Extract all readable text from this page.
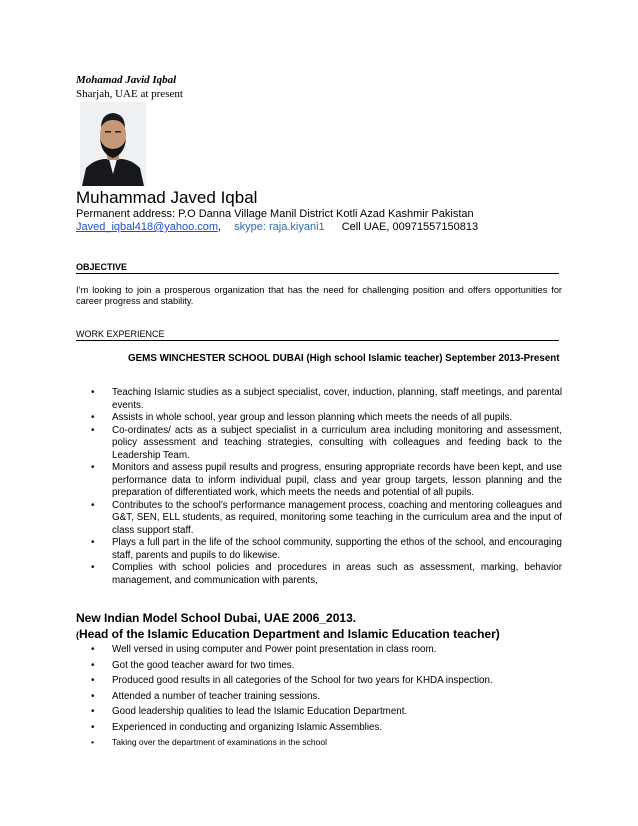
Mohamad Javid Iqbal
Sharjah, UAE at present
Muhammad Javed Iqbal
Permanent address: P.O Danna Village Manil District Kotli Azad Kashmir Pakistan
Javed_iqbal418@yahoo.com, skype: raja.kiyani1 Cell UAE, 00971557150813
OBJECTIVE
I’m looking to join a prosperous organization that has the need for challenging position and offers opportunities for career progress and stability.
WORK EXPERIENCE
GEMS WINCHESTER SCHOOL DUBAI (High school Islamic teacher) September 2013-Present
• Teaching Islamic studies as a subject specialist, cover, induction, planning, staff meetings, and parental events.
• Assists in whole school, year group and lesson planning which meets the needs of all pupils.
• Co-ordinates/ acts as a subject specialist in a curriculum area including monitoring and assessment, policy assessment and teaching strategies, consulting with colleagues and feeding back to the Leadership Team.
• Monitors and assess pupil results and progress, ensuring appropriate records have been kept, and use performance data to inform individual pupil, class and year group targets, lesson planning and the preparation of differentiated work, which meets the needs and potential of all pupils.
• Contributes to the school’s performance management process, coaching and mentoring colleagues and G&T, SEN, ELL students, as required, monitoring some teaching in the curriculum area and the input of class support staff.
• Plays a full part in the life of the school community, supporting the ethos of the school, and encouraging staff, parents and pupils to do likewise.
• Complies with school policies and procedures in areas such as assessment, marking, behavior management, and communication with parents,
New Indian Model School Dubai, UAE 2006_2013.
(Head of the Islamic Education Department and Islamic Education teacher)
• Well versed in using computer and Power point presentation in class room.
• Got the good teacher award for two times.
• Produced good results in all categories of the School for two years for KHDA inspection.
• Attended a number of teacher training sessions.
• Good leadership qualities to lead the Islamic Education Department.
• Experienced in conducting and organizing Islamic Assemblies.
• Taking over the department of examinations in the school
